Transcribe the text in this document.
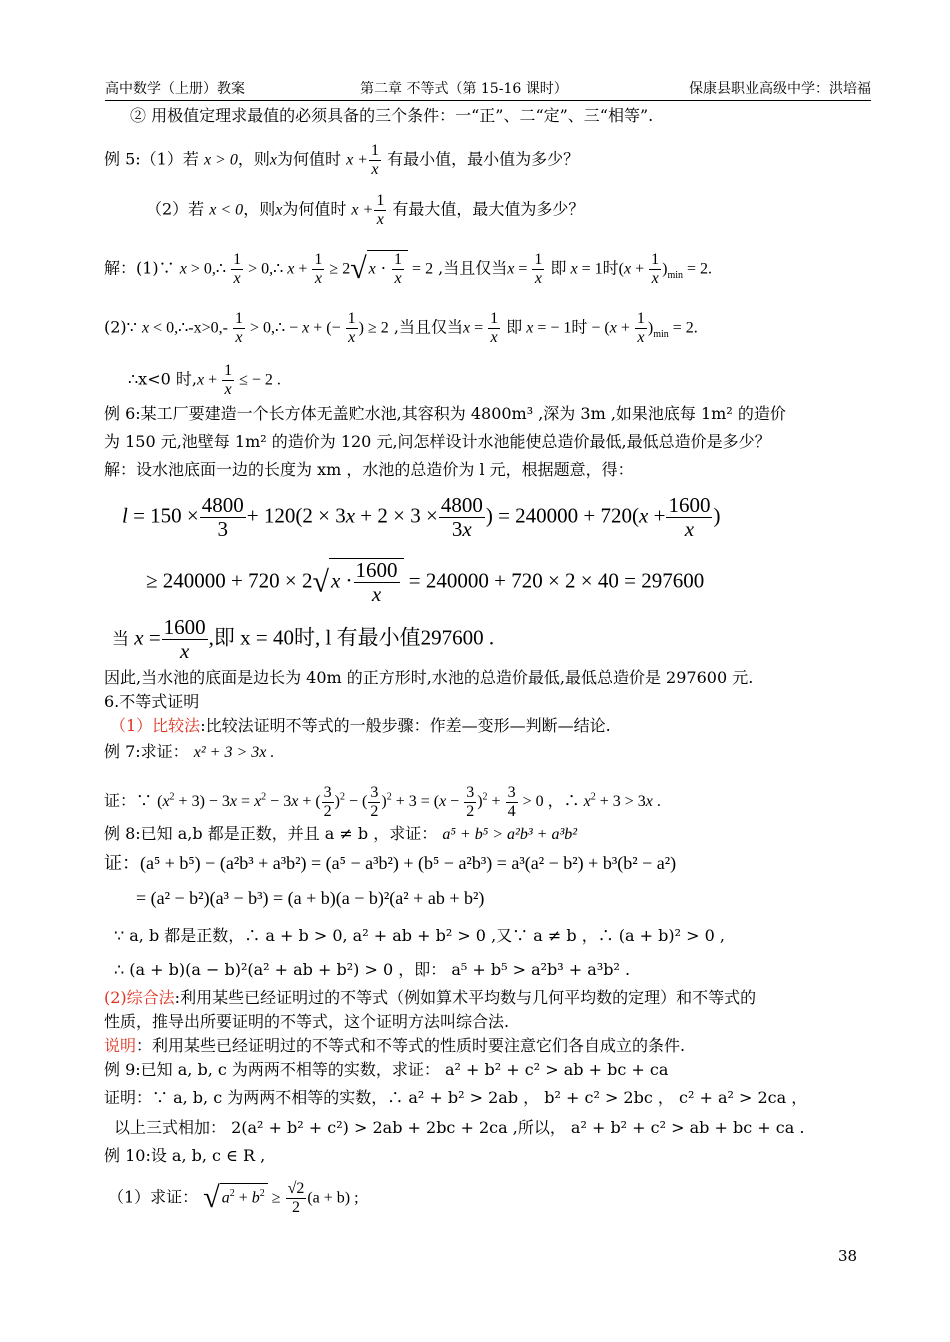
高中数学（上册）教案	第二章 不等式（第 15-16 课时）	保康县职业高级中学：洪培福
② 用极值定理求最值的必须具备的三个条件：一“正”、二“定”、三“相等”.
例 5:（1）若 x > 0，则x为何值时 $x + \frac{1}{x}$ 有最小值，最小值为多少？
（2）若 x < 0，则x为何值时 $x + \frac{1}{x}$ 有最大值，最大值为多少？
解：(1)∵ x > 0,∴ $\frac{1}{x}$ > 0,∴ $x + \frac{1}{x} \ge 2√$ $x \cdot \frac{1}{x} = 2$ ,当且仅当$x = \frac{1}{x}$ 即 x = 1时$(x + \frac{1}{x} )_{min} = 2$.
(2)∵ x < 0,∴-x>0,- $\frac{1}{x}$ > 0,∴ − x + (− $\frac{1}{x}$ ) ≥ 2 ,当且仅当$x = \frac{1}{x}$ 即 x = − 1时 − $(x + \frac{1}{x} )_{min} = 2$.
∴x<0 时$,x + \frac{1}{x}$ ≤ − 2 .
例 6:某工厂要建造一个长方体无盖贮水池,其容积为 4800m³ ,深为 3m ,如果池底每 1m² 的造价
为 150 元,池壁每 1m² 的造价为 120 元,问怎样设计水池能使总造价最低,最低总造价是多少？
解：设水池底面一边的长度为 xm ，水池的总造价为 l 元，根据题意，得：
$l = 150 \times \frac{4800}{3} + 120(2 \times 3x + 2 \times 3 \times \frac{4800}{3x}$ ) = $240000 + 720(x + \frac{1600}{x}$ )
≥ $240000 + 720 \times 2√x \cdot \frac{1600}{x} = 240000 + 720 \times 2 \times 40 = 297600$
当 $x = \frac{1600}{x}$ ,即 x = 40时, l 有最小值297600 .
因此,当水池的底面是边长为 40m 的正方形时,水池的总造价最低,最低总造价是 297600 元.
6.不等式证明
（1）比较法:比较法证明不等式的一般步骤：作差—变形—判断—结论.
例 7:求证： x² + 3 > 3x .
证：∵ $(x^2 + 3) - 3x = x^2 - 3x$ + ( $\frac{3}{2} )^2$ − ( $\frac{3}{2} )^2 + 3 = (x - \frac{3}{2} )^2 + \frac{3}{4} > 0$ ，∴ $x^2 + 3 > 3x$ .
例 8:已知 a,b 都是正数，并且 a ≠ b ，求证： a⁵ + b⁵ > a²b³ + a³b²
证：(a⁵ + b⁵) − (a²b³ + a³b²) = (a⁵ − a³b²) + (b⁵ − a²b³) = a³(a² − b²) + b³(b² − a²)
= (a² − b²)(a³ − b³) = (a + b)(a − b)²(a² + ab + b²)
∵ a, b 都是正数，∴ a + b > 0, a² + ab + b² > 0 ,又∵ a ≠ b ，∴ (a + b)² > 0 ,
∴ (a + b)(a − b)²(a² + ab + b²) > 0 ，即： a⁵ + b⁵ > a²b³ + a³b² .
(2)综合法:利用某些已经证明过的不等式（例如算术平均数与几何平均数的定理）和不等式的
性质，推导出所要证明的不等式，这个证明方法叫综合法.
说明：利用某些已经证明过的不等式和不等式的性质时要注意它们各自成立的条件.
例 9:已知 a, b, c 为两两不相等的实数，求证： a² + b² + c² > ab + bc + ca
证明：∵ a, b, c 为两两不相等的实数，∴ a² + b² > 2ab ， b² + c² > 2bc ， c² + a² > 2ca ，
以上三式相加： 2(a² + b² + c²) > 2ab + 2bc + 2ca ,所以， a² + b² + c² > ab + bc + ca .
例 10:设 a, b, c ∈ R ,
（1）求证： √ $a^2 + b^2 \ge \frac{√2}{2} (a + b)$ ;
38
